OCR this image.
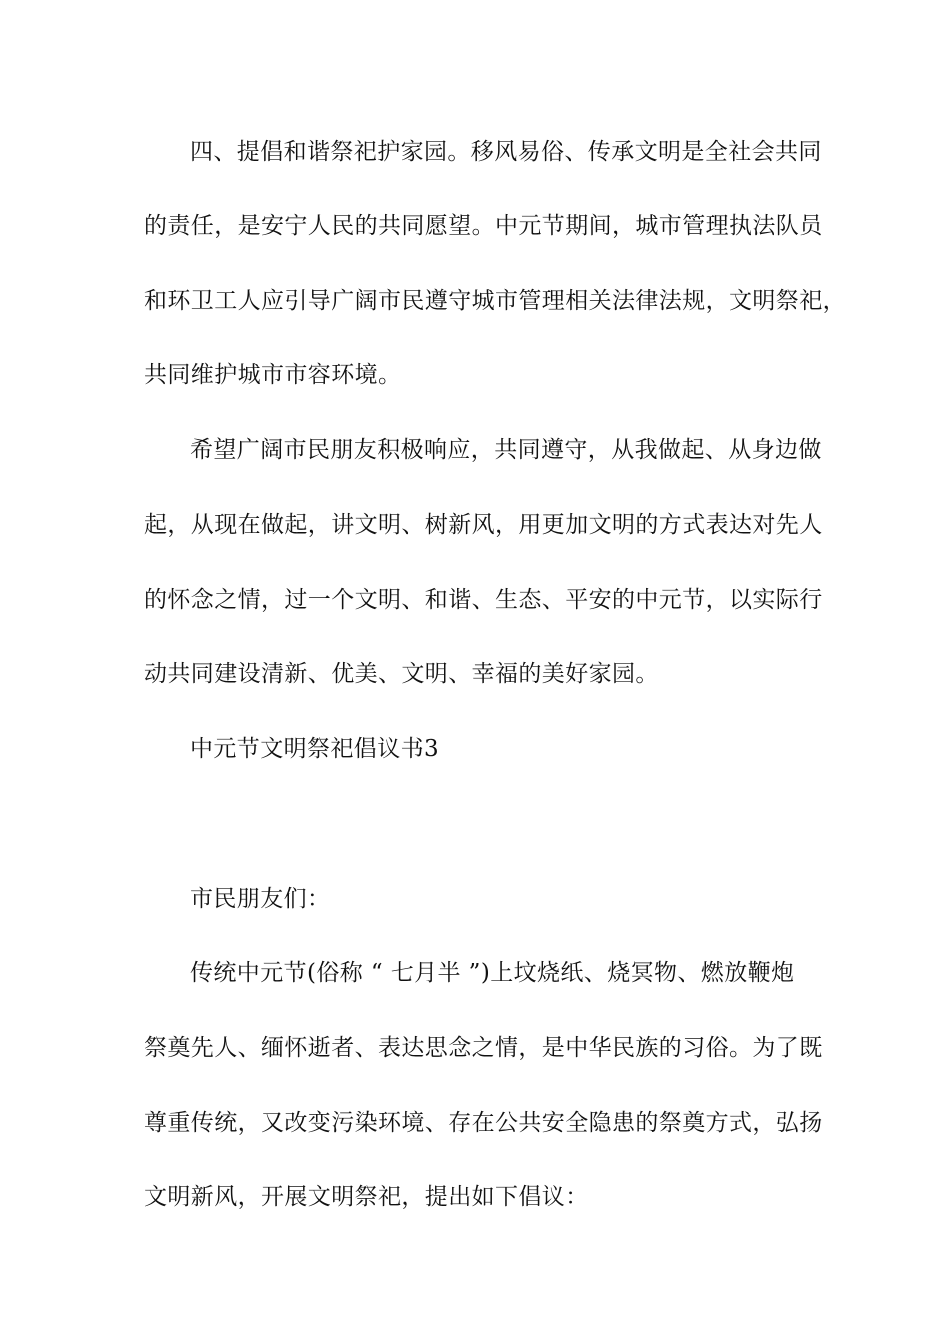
四、提倡和谐祭祀护家园。移风易俗、传承文明是全社会共同

的责任，是安宁人民的共同愿望。中元节期间，城市管理执法队员

和环卫工人应引导广阔市民遵守城市管理相关法律法规，文明祭祀，

共同维护城市市容环境。

希望广阔市民朋友积极响应，共同遵守，从我做起、从身边做

起，从现在做起，讲文明、树新风，用更加文明的方式表达对先人

的怀念之情，过一个文明、和谐、生态、平安的中元节，以实际行

动共同建设清新、优美、文明、幸福的美好家园。

中元节文明祭祀倡议书3

市民朋友们：

传统中元节(俗称 “ 七月半 ”)上坟烧纸、烧冥物、燃放鞭炮

祭奠先人、缅怀逝者、表达思念之情，是中华民族的习俗。为了既

尊重传统，又改变污染环境、存在公共安全隐患的祭奠方式，弘扬

文明新风，开展文明祭祀，提出如下倡议：
